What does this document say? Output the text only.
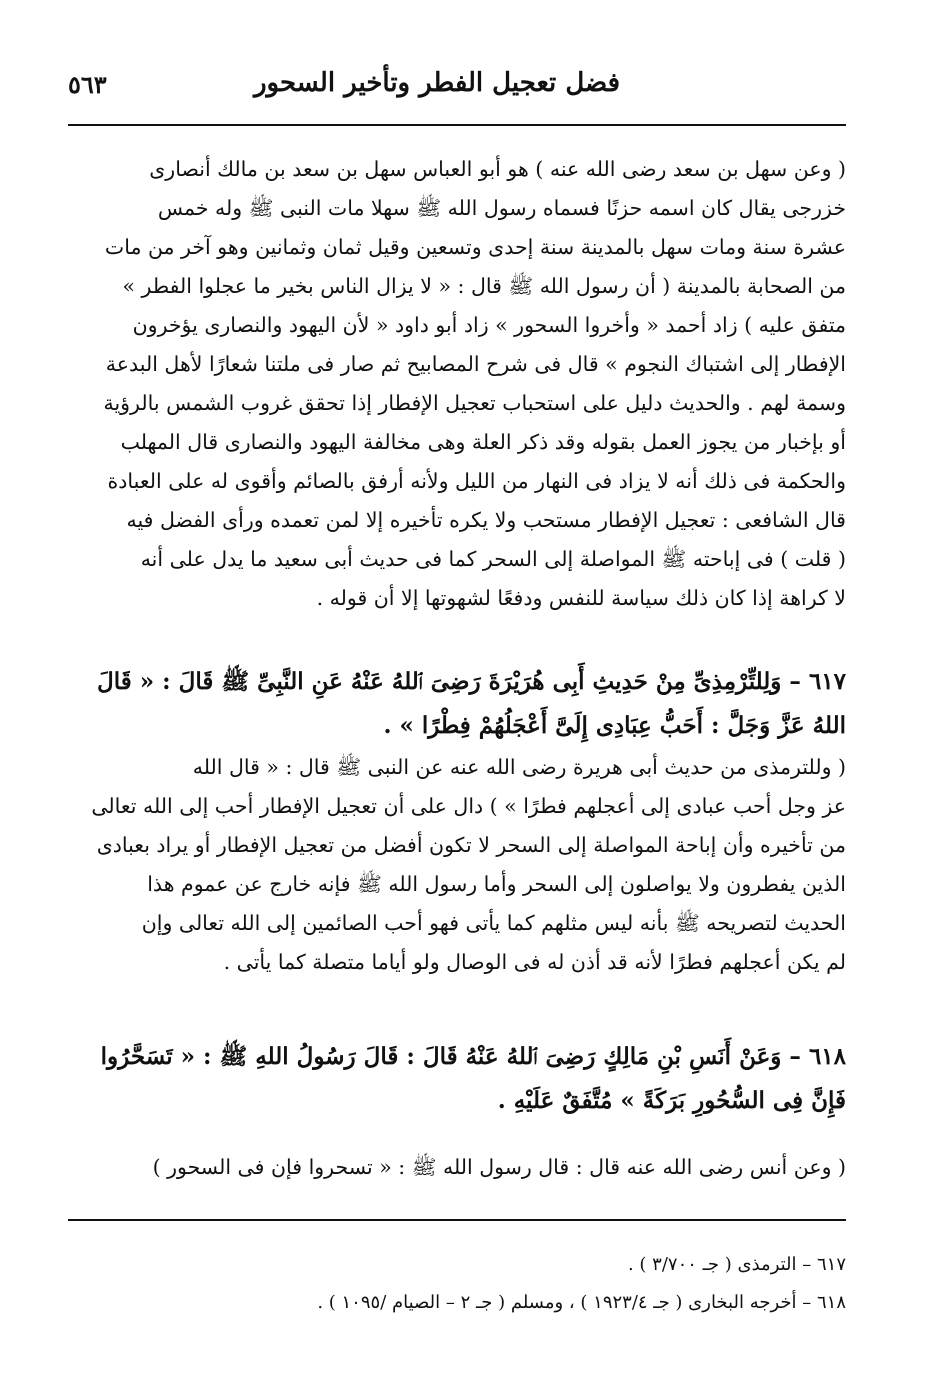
فضل تعجيل الفطر وتأخير السحور
٥٦٣
( وعن سهل بن سعد رضى الله عنه ) هو أبو العباس سهل بن سعد بن مالك أنصارى
خزرجى يقال كان اسمه حزنًا فسماه رسول الله ﷺ سهلا مات النبى ﷺ وله خمس
عشرة سنة ومات سهل بالمدينة سنة إحدى وتسعين وقيل ثمان وثمانين وهو آخر من مات
من الصحابة بالمدينة ( أن رسول الله ﷺ قال : « لا يزال الناس بخير ما عجلوا الفطر »
متفق عليه ) زاد أحمد « وأخروا السحور » زاد أبو داود « لأن اليهود والنصارى يؤخرون
الإفطار إلى اشتباك النجوم » قال فى شرح المصابيح ثم صار فى ملتنا شعارًا لأهل البدعة
وسمة لهم . والحديث دليل على استحباب تعجيل الإفطار إذا تحقق غروب الشمس بالرؤية
أو بإخبار من يجوز العمل بقوله وقد ذكر العلة وهى مخالفة اليهود والنصارى قال المهلب
والحكمة فى ذلك أنه لا يزاد فى النهار من الليل ولأنه أرفق بالصائم وأقوى له على العبادة
قال الشافعى : تعجيل الإفطار مستحب ولا يكره تأخيره إلا لمن تعمده ورأى الفضل فيه
( قلت ) فى إباحته ﷺ المواصلة إلى السحر كما فى حديث أبى سعيد ما يدل على أنه
لا كراهة إذا كان ذلك سياسة للنفس ودفعًا لشهوتها إلا أن قوله .
٦١٧ – وَلِلتِّرْمِذِىِّ مِنْ حَدِيثِ أَبِى هُرَيْرَةَ رَضِىَ ٱللهُ عَنْهُ عَنِ النَّبِىِّ ﷺ قَالَ : « قَالَ
اللهُ عَزَّ وَجَلَّ : أَحَبُّ عِبَادِى إِلَىَّ أَعْجَلُهُمْ فِطْرًا » .
( وللترمذى من حديث أبى هريرة رضى الله عنه عن النبى ﷺ قال : « قال الله
عز وجل أحب عبادى إلى أعجلهم فطرًا » ) دال على أن تعجيل الإفطار أحب إلى الله تعالى
من تأخيره وأن إباحة المواصلة إلى السحر لا تكون أفضل من تعجيل الإفطار أو يراد بعبادى
الذين يفطرون ولا يواصلون إلى السحر وأما رسول الله ﷺ فإنه خارج عن عموم هذا
الحديث لتصريحه ﷺ بأنه ليس مثلهم كما يأتى فهو أحب الصائمين إلى الله تعالى وإن
لم يكن أعجلهم فطرًا لأنه قد أذن له فى الوصال ولو أياما متصلة كما يأتى .
٦١٨ – وَعَنْ أَنَسِ بْنِ مَالِكٍ رَضِىَ ٱللهُ عَنْهُ قَالَ : قَالَ رَسُولُ اللهِ ﷺ : « تَسَحَّرُوا
فَإِنَّ فِى السُّحُورِ بَرَكَةً » مُتَّفَقٌ عَلَيْهِ .
( وعن أنس رضى الله عنه قال : قال رسول الله ﷺ : « تسحروا فإن فى السحور )
٦١٧ – الترمذى ( جـ ٣/٧٠٠ ) .
٦١٨ – أخرجه البخارى ( جـ ١٩٢٣/٤ ) ، ومسلم ( جـ ٢ – الصيام /١٠٩٥ ) .
